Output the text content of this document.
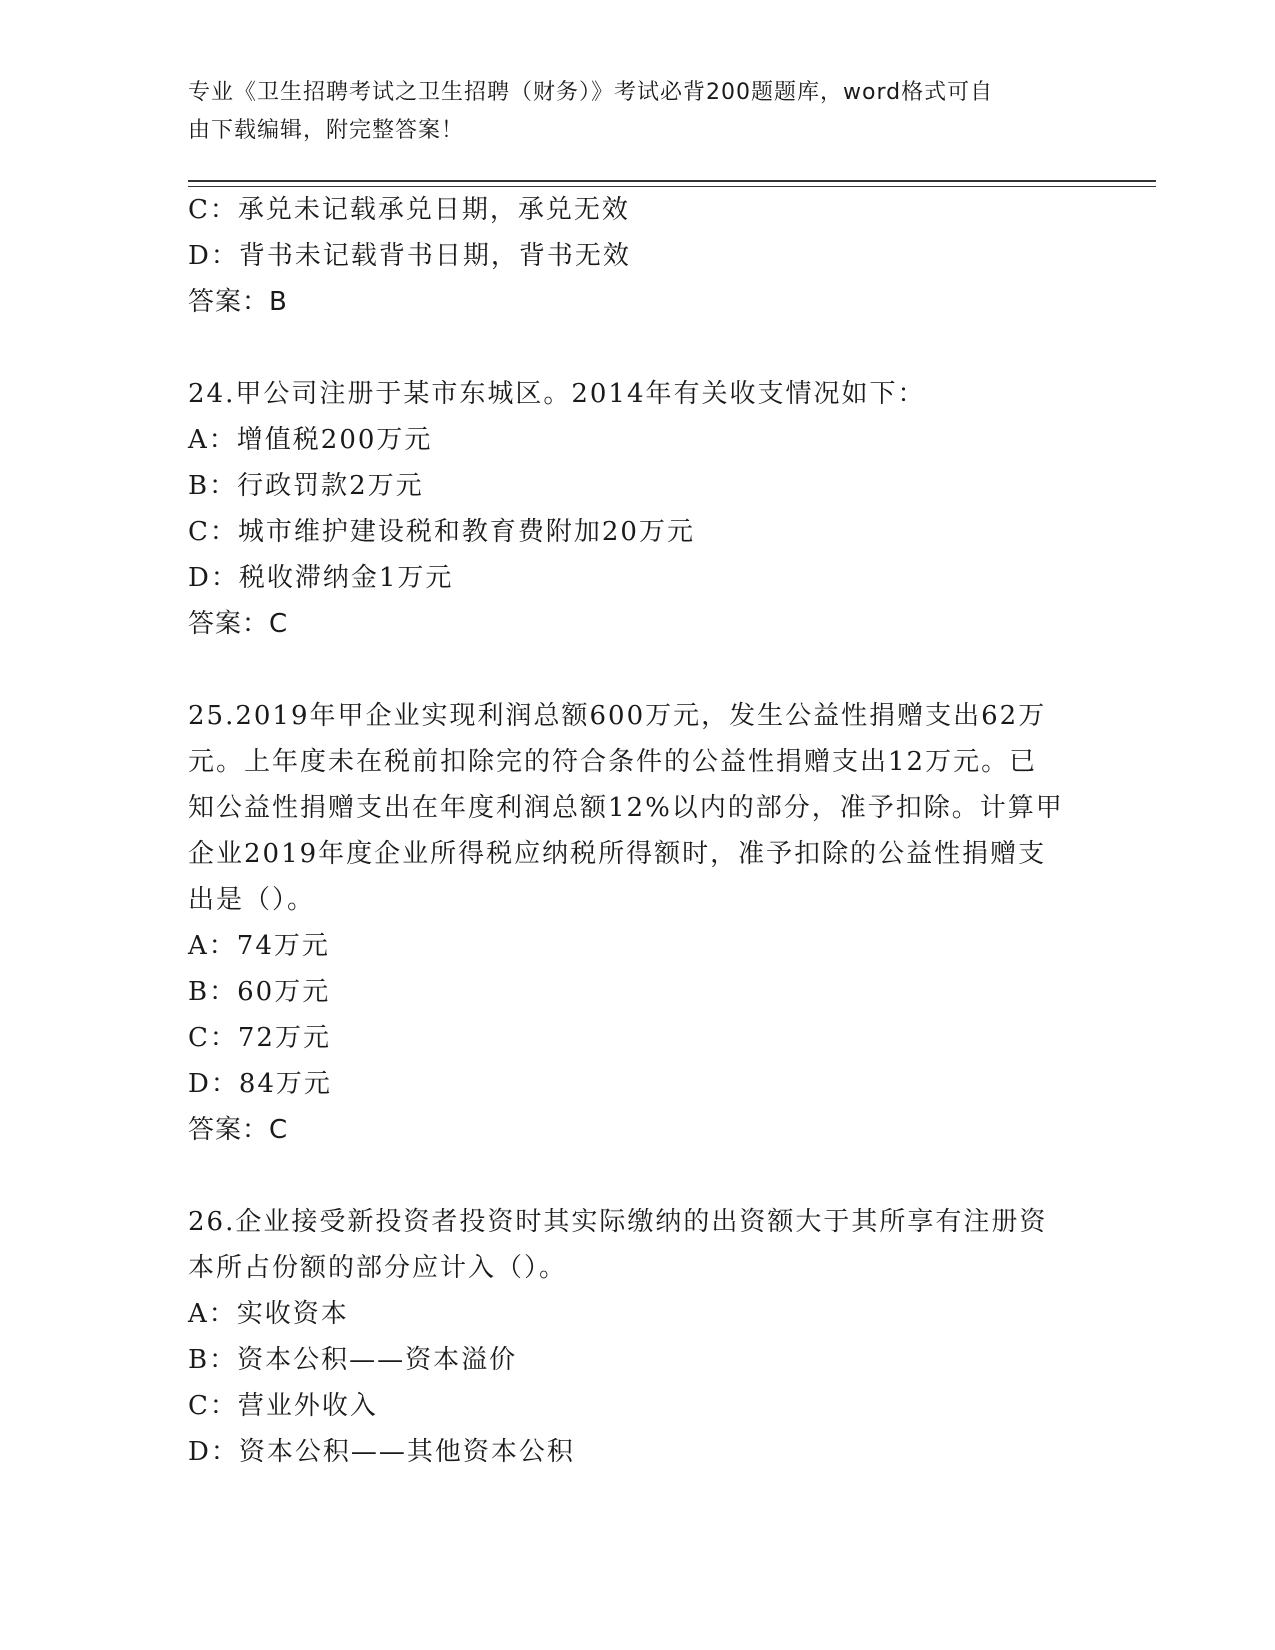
专业《卫生招聘考试之卫生招聘（财务）》考试必背200题题库，word格式可自
由下载编辑，附完整答案！
C：承兑未记载承兑日期，承兑无效
D：背书未记载背书日期，背书无效
答案：B
24.甲公司注册于某市东城区。2014年有关收支情况如下：
A：增值税200万元
B：行政罚款2万元
C：城市维护建设税和教育费附加20万元
D：税收滞纳金1万元
答案：C
25.2019年甲企业实现利润总额600万元，发生公益性捐赠支出62万
元。上年度未在税前扣除完的符合条件的公益性捐赠支出12万元。已
知公益性捐赠支出在年度利润总额12%以内的部分，准予扣除。计算甲
企业2019年度企业所得税应纳税所得额时，准予扣除的公益性捐赠支
出是（）。
A：74万元
B：60万元
C：72万元
D：84万元
答案：C
26.企业接受新投资者投资时其实际缴纳的出资额大于其所享有注册资
本所占份额的部分应计入（）。
A：实收资本
B：资本公积——资本溢价
C：营业外收入
D：资本公积——其他资本公积
